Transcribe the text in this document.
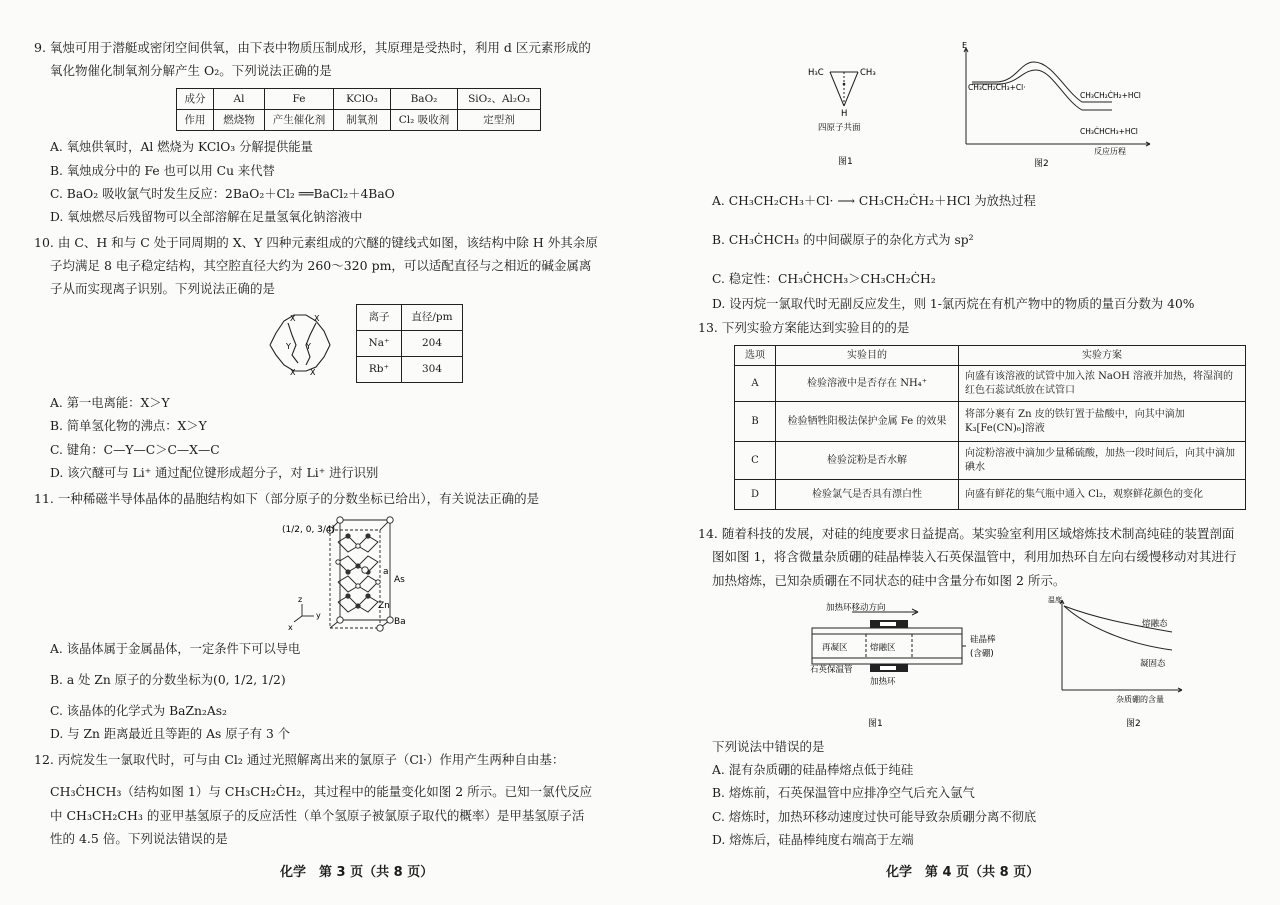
9. 氧烛可用于潜艇或密闭空间供氧，由下表中物质压制成形，其原理是受热时，利用 d 区元素形成的
氧化物催化制氧剂分解产生 O₂。下列说法正确的是
成分	Al	Fe	KClO₃	BaO₂	SiO₂、Al₂O₃
作用	燃烧物	产生催化剂	制氧剂	Cl₂ 吸收剂	定型剂
A. 氧烛供氧时，Al 燃烧为 KClO₃ 分解提供能量
B. 氧烛成分中的 Fe 也可以用 Cu 来代替
C. BaO₂ 吸收氯气时发生反应：2BaO₂＋Cl₂ ══BaCl₂＋4BaO
D. 氧烛燃尽后残留物可以全部溶解在足量氢氧化钠溶液中
10. 由 C、H 和与 C 处于同周期的 X、Y 四种元素组成的穴醚的键线式如图，该结构中除 H 外其余原
子均满足 8 电子稳定结构，其空腔直径大约为 260～320 pm，可以适配直径与之相近的碱金属离
子从而实现离子识别。下列说法正确的是
X X
Y Y
X X
离子	直径/pm
Na⁺	204
Rb⁺	304
A. 第一电离能：X＞Y
B. 简单氢化物的沸点：X＞Y
C. 键角：C—Y—C＞C—X—C
D. 该穴醚可与 Li⁺ 通过配位键形成超分子，对 Li⁺ 进行识别
11. 一种稀磁半导体晶体的晶胞结构如下（部分原子的分数坐标已给出），有关说法正确的是
(1/2, 0, 3/4)
a
As
Zn
Ba
z
y
x
A. 该晶体属于金属晶体，一定条件下可以导电
B. a 处 Zn 原子的分数坐标为(0, 1/2, 1/2)
C. 该晶体的化学式为 BaZn₂As₂
D. 与 Zn 距离最近且等距的 As 原子有 3 个
12. 丙烷发生一氯取代时，可与由 Cl₂ 通过光照解离出来的氯原子（Cl·）作用产生两种自由基：
CH₃ĊHCH₃（结构如图 1）与 CH₃CH₂ĊH₂，其过程中的能量变化如图 2 所示。已知一氯代反应
中 CH₃CH₂CH₃ 的亚甲基氢原子的反应活性（单个氢原子被氯原子取代的概率）是甲基氢原子活
性的 4.5 倍。下列说法错误的是
化学　第 3 页（共 8 页）
H₃C	CH₃
H
四原子共面
图1
E
CH₃CH₂CH₃+Cl·
CH₃CH₂ĊH₂+HCl
CH₃ĊHCH₃+HCl
反应历程
图2
A. CH₃CH₂CH₃＋Cl· ⟶ CH₃CH₂ĊH₂＋HCl 为放热过程
B. CH₃ĊHCH₃ 的中间碳原子的杂化方式为 sp²
C. 稳定性：CH₃ĊHCH₃＞CH₃CH₂ĊH₂
D. 设丙烷一氯取代时无副反应发生，则 1-氯丙烷在有机产物中的物质的量百分数为 40%
13. 下列实验方案能达到实验目的的是
选项	实验目的	实验方案
A	检验溶液中是否存在 NH₄⁺	向盛有该溶液的试管中加入浓 NaOH 溶液并加热，将湿润的红色石蕊试纸放在试管口
B	检验牺牲阳极法保护金属 Fe 的效果	将部分裹有 Zn 皮的铁钉置于盐酸中，向其中滴加 K₃[Fe(CN)₆]溶液
C	检验淀粉是否水解	向淀粉溶液中滴加少量稀硫酸，加热一段时间后，向其中滴加碘水
D	检验氯气是否具有漂白性	向盛有鲜花的集气瓶中通入 Cl₂，观察鲜花颜色的变化
14. 随着科技的发展，对硅的纯度要求日益提高。某实验室利用区域熔炼技术制高纯硅的装置剖面
图如图 1，将含微量杂质硼的硅晶棒装入石英保温管中，利用加热环自左向右缓慢移动对其进行
加热熔炼，已知杂质硼在不同状态的硅中含量分布如图 2 所示。
加热环移动方向
再凝区	熔融区
硅晶棒
(含硼)
石英保温管
加热环
图1
温度
熔融态
凝固态
杂质硼的含量
图2
下列说法中错误的是
A. 混有杂质硼的硅晶棒熔点低于纯硅
B. 熔炼前，石英保温管中应排净空气后充入氩气
C. 熔炼时，加热环移动速度过快可能导致杂质硼分离不彻底
D. 熔炼后，硅晶棒纯度右端高于左端
化学　第 4 页（共 8 页）
